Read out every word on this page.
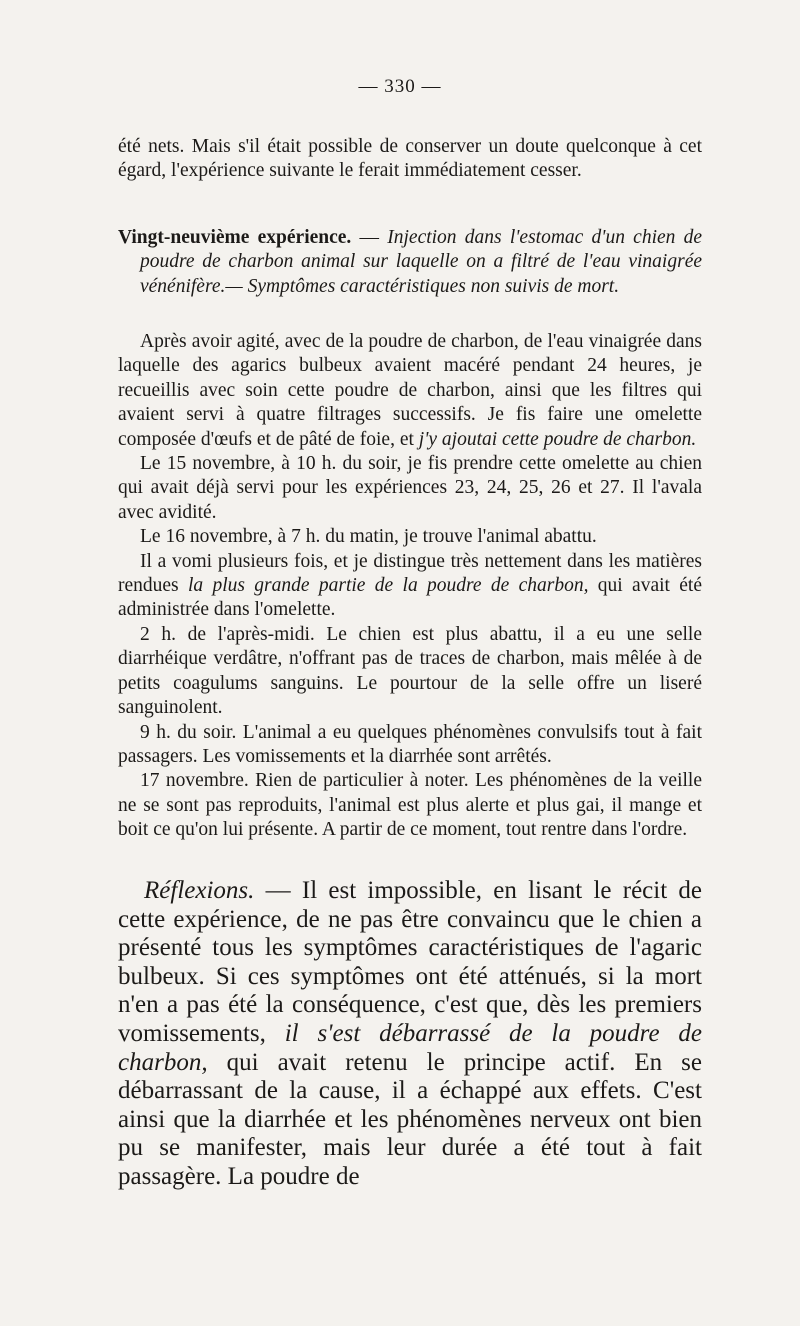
— 330 —

été nets. Mais s'il était possible de conserver un doute quelconque à cet égard, l'expérience suivante le ferait immédiatement cesser.

Vingt-neuvième expérience. — Injection dans l'estomac d'un chien de poudre de charbon animal sur laquelle on a filtré de l'eau vinaigrée vénénifère.— Symptômes caractéristiques non suivis de mort.

Après avoir agité, avec de la poudre de charbon, de l'eau vinaigrée dans laquelle des agarics bulbeux avaient macéré pendant 24 heures, je recueillis avec soin cette poudre de charbon, ainsi que les filtres qui avaient servi à quatre filtrages successifs. Je fis faire une omelette composée d'œufs et de pâté de foie, et j'y ajoutai cette poudre de charbon.

Le 15 novembre, à 10 h. du soir, je fis prendre cette omelette au chien qui avait déjà servi pour les expériences 23, 24, 25, 26 et 27. Il l'avala avec avidité.

Le 16 novembre, à 7 h. du matin, je trouve l'animal abattu.

Il a vomi plusieurs fois, et je distingue très nettement dans les matières rendues la plus grande partie de la poudre de charbon, qui avait été administrée dans l'omelette.

2 h. de l'après-midi. Le chien est plus abattu, il a eu une selle diarrhéique verdâtre, n'offrant pas de traces de charbon, mais mêlée à de petits coagulums sanguins. Le pourtour de la selle offre un liseré sanguinolent.

9 h. du soir. L'animal a eu quelques phénomènes convulsifs tout à fait passagers. Les vomissements et la diarrhée sont arrêtés.

17 novembre. Rien de particulier à noter. Les phénomènes de la veille ne se sont pas reproduits, l'animal est plus alerte et plus gai, il mange et boit ce qu'on lui présente. A partir de ce moment, tout rentre dans l'ordre.

Réflexions. — Il est impossible, en lisant le récit de cette expérience, de ne pas être convaincu que le chien a présenté tous les symptômes caractéristiques de l'agaric bulbeux. Si ces symptômes ont été atténués, si la mort n'en a pas été la conséquence, c'est que, dès les premiers vomissements, il s'est débarrassé de la poudre de charbon, qui avait retenu le principe actif. En se débarrassant de la cause, il a échappé aux effets. C'est ainsi que la diarrhée et les phénomènes nerveux ont bien pu se manifester, mais leur durée a été tout à fait passagère. La poudre de
